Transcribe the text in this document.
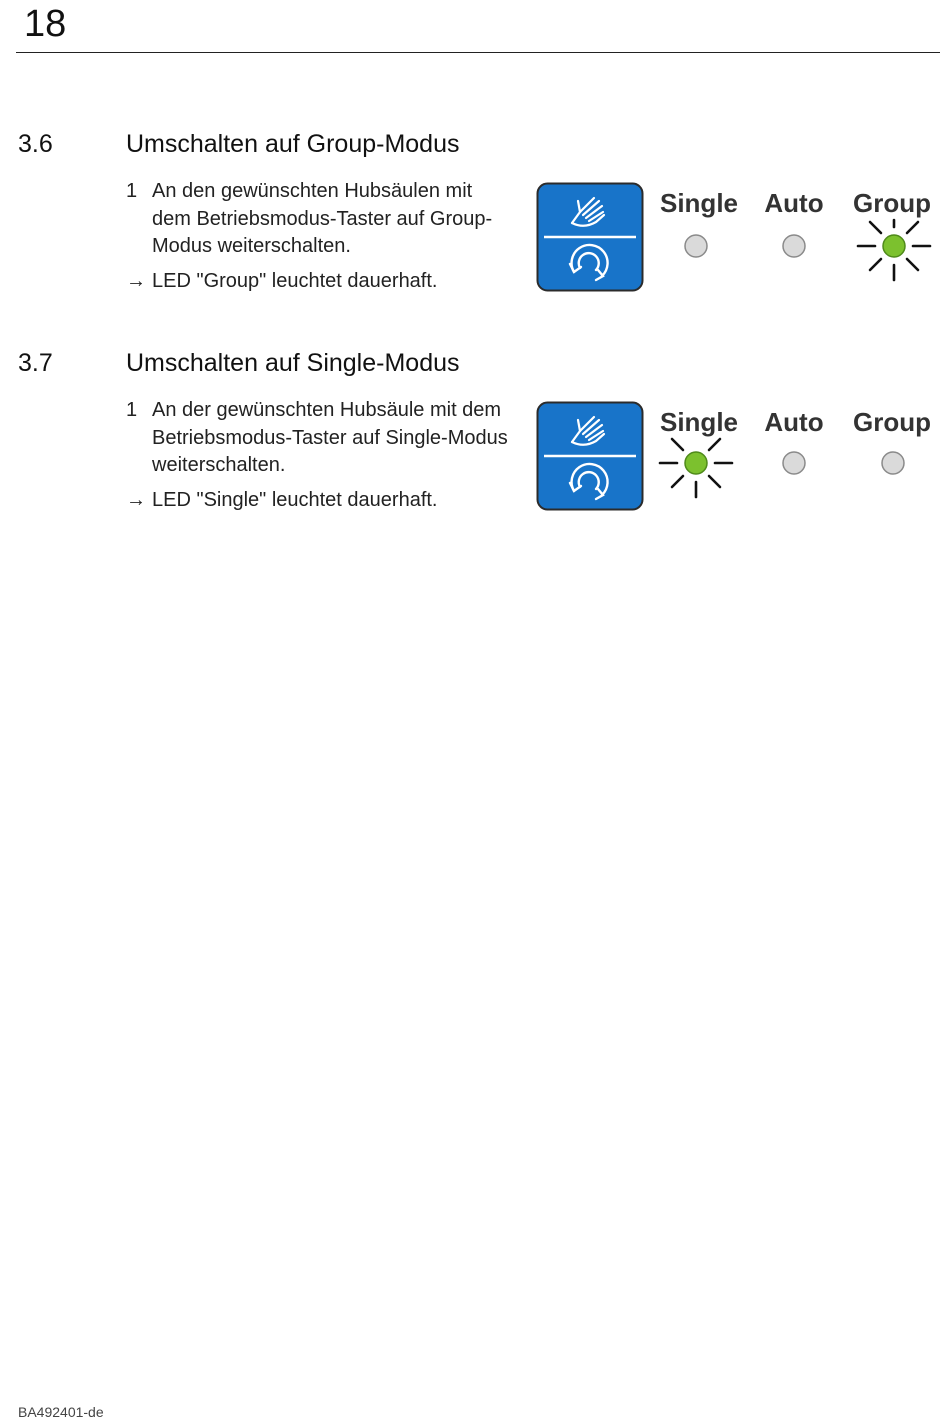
18
3.6	Umschalten auf Group-Modus
1 An den gewünschten Hubsäulen mit dem Betriebsmodus-Taster auf Group-Modus weiterschalten.
→ LED "Group" leuchtet dauerhaft.
Single	Auto	Group
3.7	Umschalten auf Single-Modus
1 An der gewünschten Hubsäule mit dem Betriebsmodus-Taster auf Single-Modus weiterschalten.
→ LED "Single" leuchtet dauerhaft.
Single	Auto	Group
BA492401-de
